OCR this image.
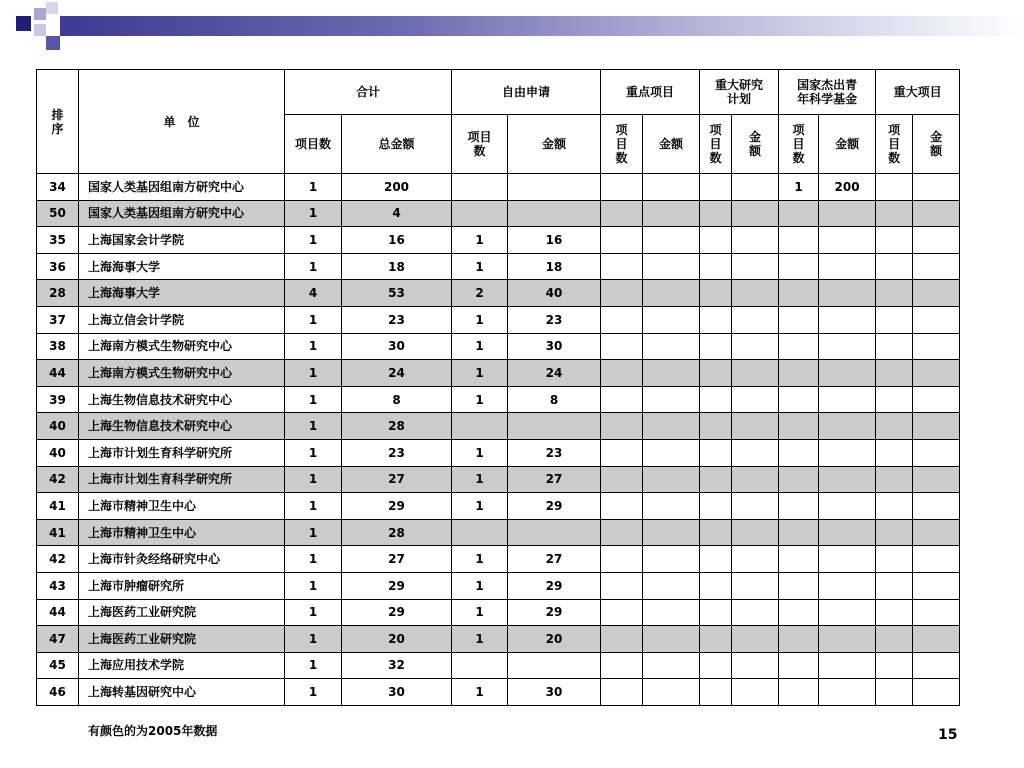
排序	单　位	合计		自由申请		重点项目		重大研究计划		国家杰出青年科学基金		重大项目	
		项目数	总金额	项目数	金额	项目数	金额	项目数	金额	项目数	金额	项目数	金额
34	国家人类基因组南方研究中心	1	200							1	200		
50	国家人类基因组南方研究中心	1	4										
35	上海国家会计学院	1	16	1	16								
36	上海海事大学	1	18	1	18								
28	上海海事大学	4	53	2	40								
37	上海立信会计学院	1	23	1	23								
38	上海南方模式生物研究中心	1	30	1	30								
44	上海南方模式生物研究中心	1	24	1	24								
39	上海生物信息技术研究中心	1	8	1	8								
40	上海生物信息技术研究中心	1	28										
40	上海市计划生育科学研究所	1	23	1	23								
42	上海市计划生育科学研究所	1	27	1	27								
41	上海市精神卫生中心	1	29	1	29								
41	上海市精神卫生中心	1	28										
42	上海市针灸经络研究中心	1	27	1	27								
43	上海市肿瘤研究所	1	29	1	29								
44	上海医药工业研究院	1	29	1	29								
47	上海医药工业研究院	1	20	1	20								
45	上海应用技术学院	1	32										
46	上海转基因研究中心	1	30	1	30								
有颜色的为2005年数据	15
